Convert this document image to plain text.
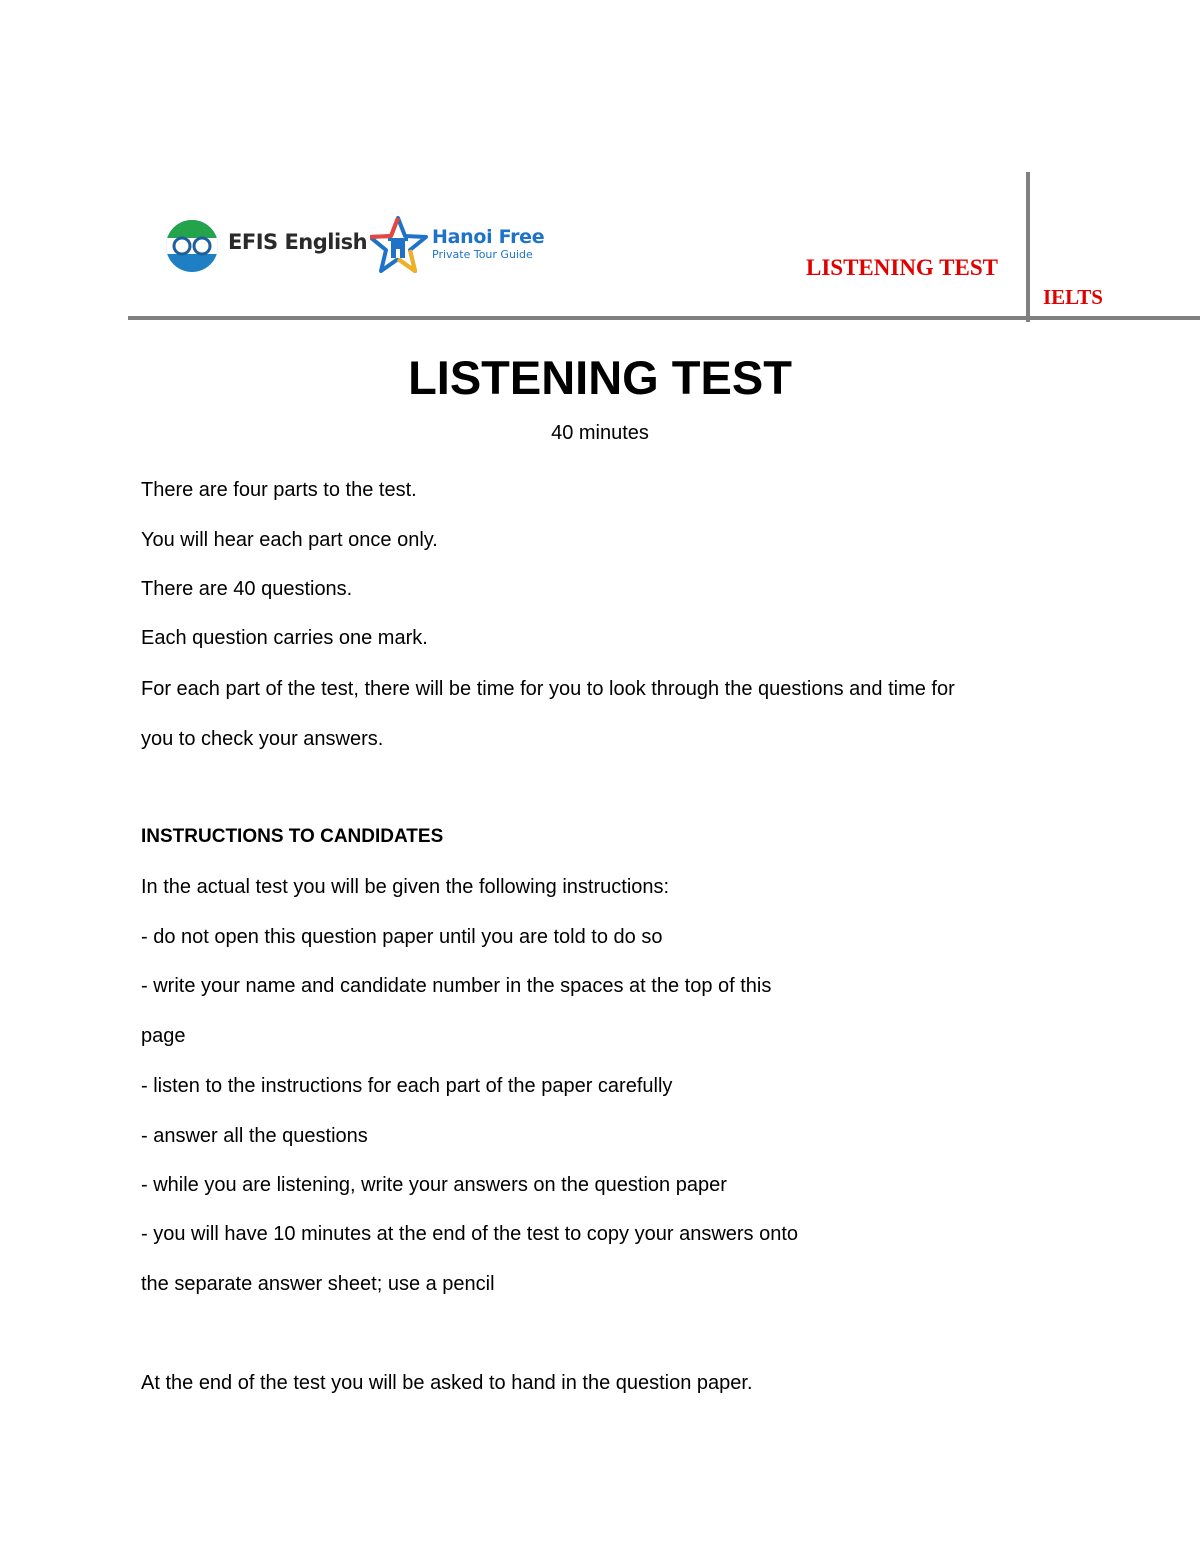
EFIS English	Hanoi Free
Private Tour Guide
LISTENING TEST
IELTS
LISTENING TEST
40 minutes
There are four parts to the test.
You will hear each part once only.
There are 40 questions.
Each question carries one mark.
For each part of the test, there will be time for you to look through the questions and time for
you to check your answers.
INSTRUCTIONS TO CANDIDATES
In the actual test you will be given the following instructions:
- do not open this question paper until you are told to do so
- write your name and candidate number in the spaces at the top of this
page
- listen to the instructions for each part of the paper carefully
- answer all the questions
- while you are listening, write your answers on the question paper
- you will have 10 minutes at the end of the test to copy your answers onto
the separate answer sheet; use a pencil
At the end of the test you will be asked to hand in the question paper.
